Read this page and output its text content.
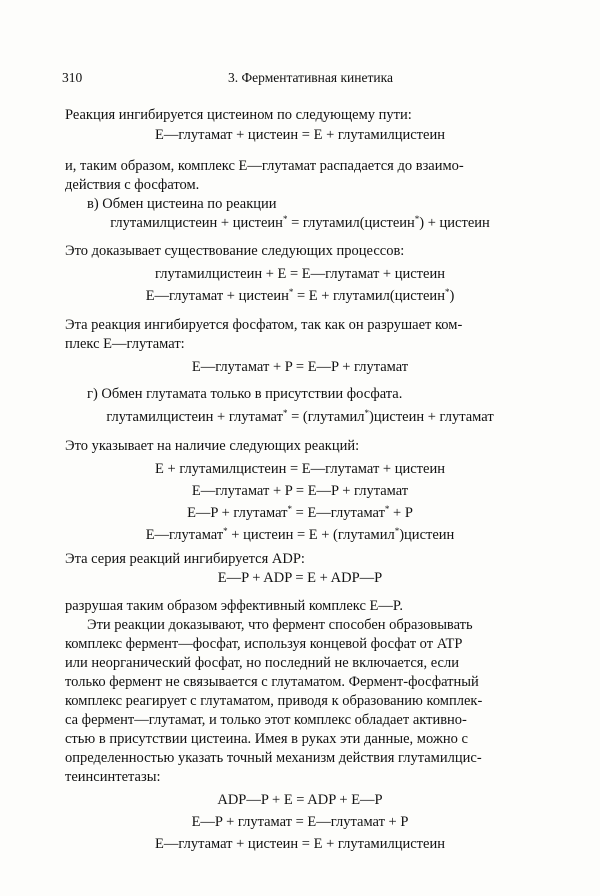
310	3. Ферментативная кинетика
Реакция ингибируется цистеином по следующему пути:
E—глутамат + цистеин = E + глутамилцистеин
и, таким образом, комплекс E—глутамат распадается до взаимо-
действия с фосфатом.
в) Обмен цистеина по реакции
глутамилцистеин + цистеин* = глутамил(цистеин*) + цистеин
Это доказывает существование следующих процессов:
глутамилцистеин + E = E—глутамат + цистеин
E—глутамат + цистеин* = E + глутамил(цистеин*)
Эта реакция ингибируется фосфатом, так как он разрушает ком-
плекс E—глутамат:
E—глутамат + P = E—P + глутамат
г) Обмен глутамата только в присутствии фосфата.
глутамилцистеин + глутамат* = (глутамил*)цистеин + глутамат
Это указывает на наличие следующих реакций:
E + глутамилцистеин = E—глутамат + цистеин
E—глутамат + P = E—P + глутамат
E—P + глутамат* = E—глутамат* + P
E—глутамат* + цистеин = E + (глутамил*)цистеин
Эта серия реакций ингибируется ADP:
E—P + ADP = E + ADP—P
разрушая таким образом эффективный комплекс E—P.
Эти реакции доказывают, что фермент способен образовывать
комплекс фермент—фосфат, используя концевой фосфат от ATP
или неорганический фосфат, но последний не включается, если
только фермент не связывается с глутаматом. Фермент-фосфатный
комплекс реагирует с глутаматом, приводя к образованию комплек-
са фермент—глутамат, и только этот комплекс обладает активно-
стью в присутствии цистеина. Имея в руках эти данные, можно с
определенностью указать точный механизм действия глутамилцис-
теинсинтетазы:
ADP—P + E = ADP + E—P
E—P + глутамат = E—глутамат + P
E—глутамат + цистеин = E + глутамилцистеин
